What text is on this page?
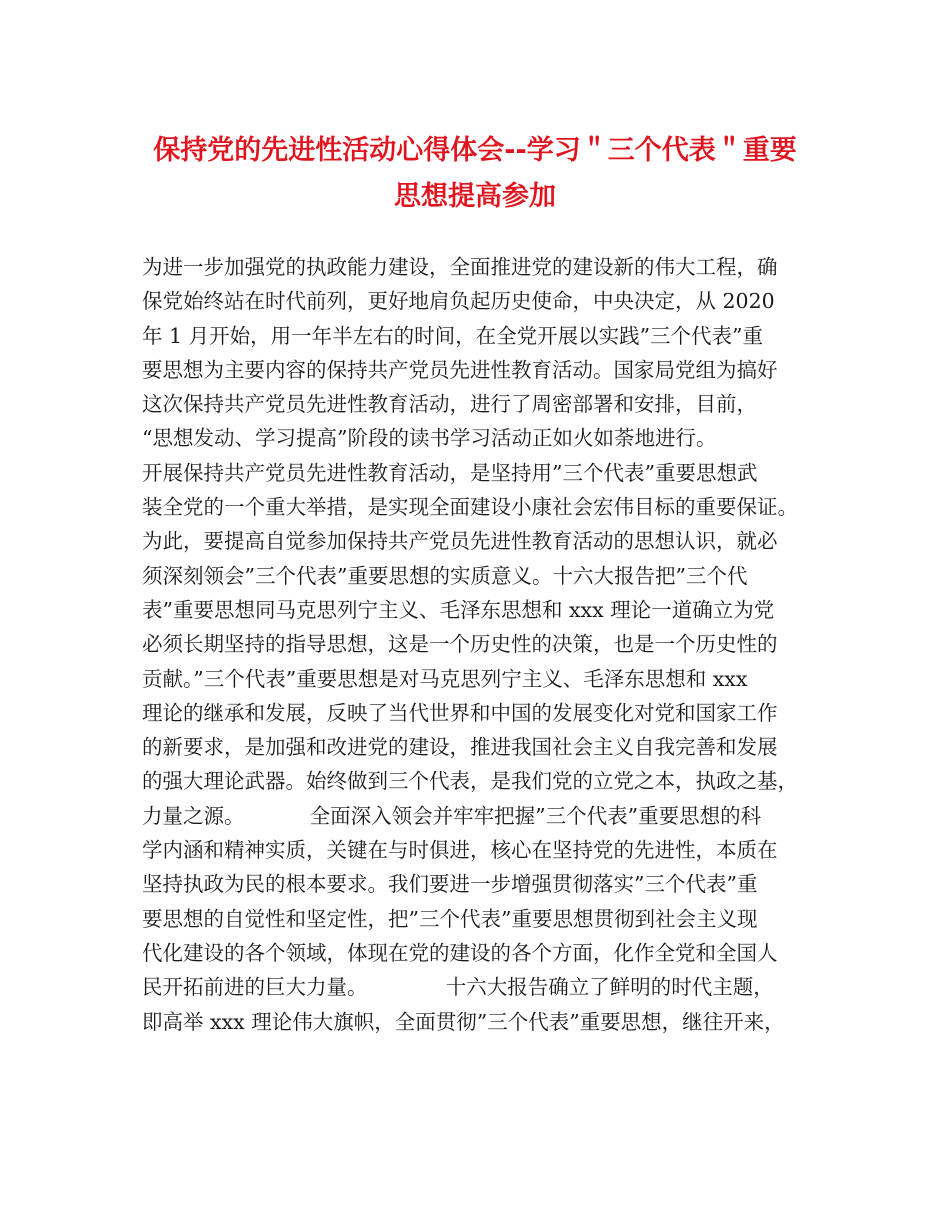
保持党的先进性活动心得体会--学习＂三个代表＂重要
思想提高参加
为进一步加强党的执政能力建设，全面推进党的建设新的伟大工程，确
保党始终站在时代前列，更好地肩负起历史使命，中央决定，从 2020
年 1 月开始，用一年半左右的时间，在全党开展以实践”三个代表”重
要思想为主要内容的保持共产党员先进性教育活动。国家局党组为搞好
这次保持共产党员先进性教育活动，进行了周密部署和安排，目前，
“思想发动、学习提高”阶段的读书学习活动正如火如荼地进行。
开展保持共产党员先进性教育活动，是坚持用”三个代表”重要思想武
装全党的一个重大举措，是实现全面建设小康社会宏伟目标的重要保证。
为此，要提高自觉参加保持共产党员先进性教育活动的思想认识，就必
须深刻领会”三个代表”重要思想的实质意义。十六大报告把”三个代
表”重要思想同马克思列宁主义、毛泽东思想和 xxx 理论一道确立为党
必须长期坚持的指导思想，这是一个历史性的决策，也是一个历史性的
贡献。”三个代表”重要思想是对马克思列宁主义、毛泽东思想和 xxx
理论的继承和发展，反映了当代世界和中国的发展变化对党和国家工作
的新要求，是加强和改进党的建设，推进我国社会主义自我完善和发展
的强大理论武器。始终做到三个代表，是我们党的立党之本，执政之基，
力量之源。          全面深入领会并牢牢把握”三个代表”重要思想的科
学内涵和精神实质，关键在与时俱进，核心在坚持党的先进性，本质在
坚持执政为民的根本要求。我们要进一步增强贯彻落实”三个代表”重
要思想的自觉性和坚定性，把”三个代表”重要思想贯彻到社会主义现
代化建设的各个领域，体现在党的建设的各个方面，化作全党和全国人
民开拓前进的巨大力量。            十六大报告确立了鲜明的时代主题，
即高举 xxx 理论伟大旗帜，全面贯彻”三个代表”重要思想，继往开来，
